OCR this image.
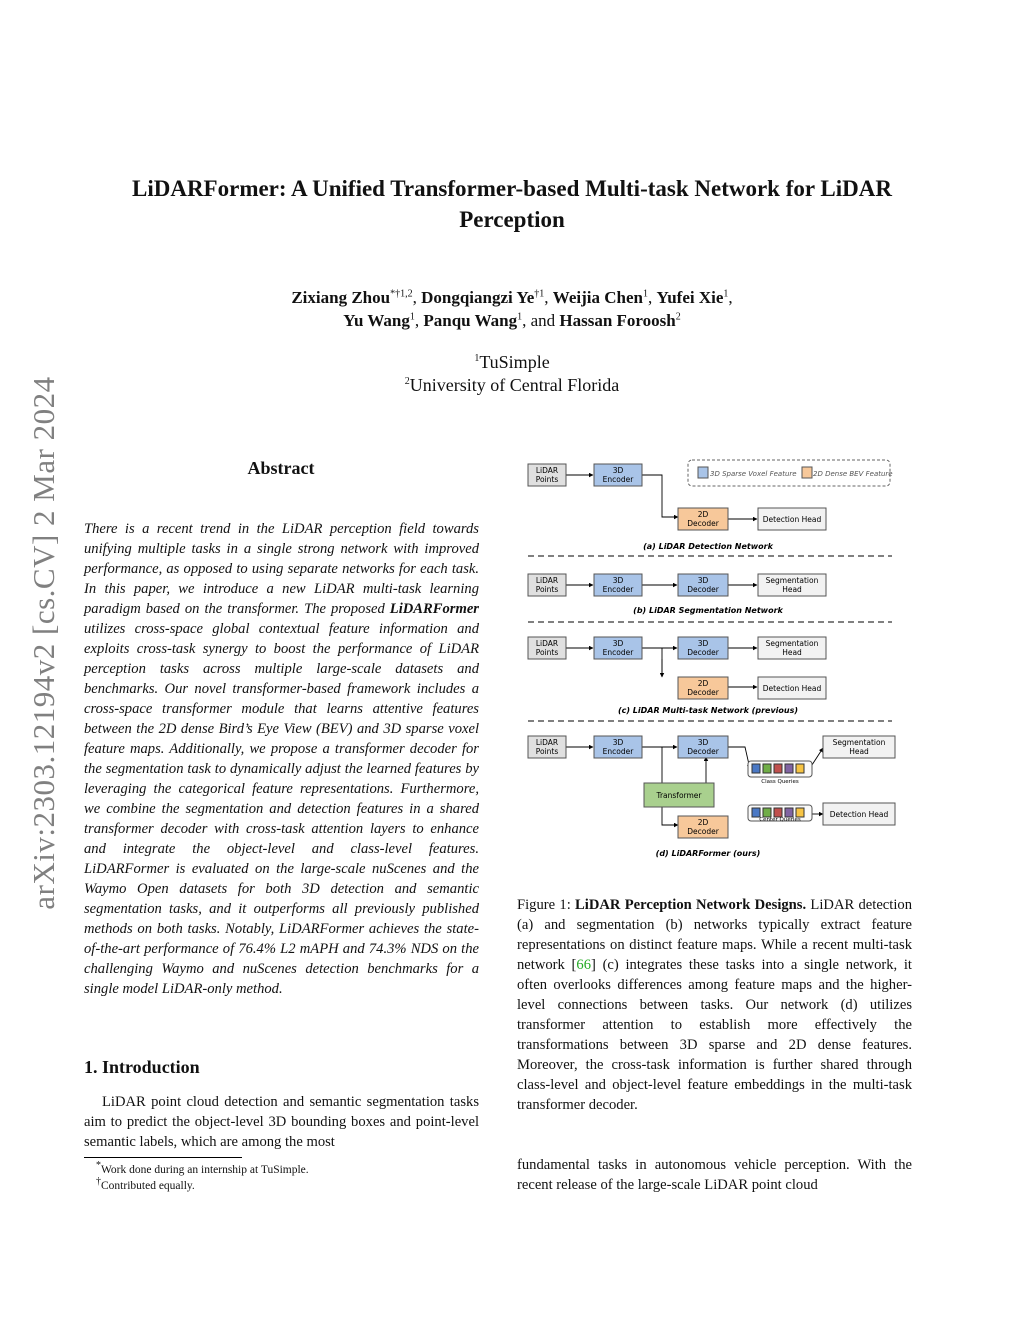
arXiv:2303.12194v2 [cs.CV] 2 Mar 2024
LiDARFormer: A Unified Transformer-based Multi-task Network for LiDAR
Perception
Zixiang Zhou$^{*\dagger 1,2}$, Dongqiangzi Ye$^{\dagger 1}$, Weijia Chen$^1$, Yufei Xie$^1$,
Yu Wang$^1$, Panqu Wang$^1$, and Hassan Foroosh$^2$
$^1$TuSimple
$^2$University of Central Florida
Abstract
There is a recent trend in the LiDAR perception field towards unifying multiple tasks in a single strong network with improved performance, as opposed to using separate networks for each task. In this paper, we introduce a new LiDAR multi-task learning paradigm based on the transformer. The proposed LiDARFormer utilizes cross-space global contextual feature information and exploits cross-task synergy to boost the performance of LiDAR perception tasks across multiple large-scale datasets and benchmarks. Our novel transformer-based framework includes a cross-space transformer module that learns attentive features between the 2D dense Bird’s Eye View (BEV) and 3D sparse voxel feature maps. Additionally, we propose a transformer decoder for the segmentation task to dynamically adjust the learned features by leveraging the categorical feature representations. Furthermore, we combine the segmentation and detection features in a shared transformer decoder with cross-task attention layers to enhance and integrate the object-level and class-level features. LiDARFormer is evaluated on the large-scale nuScenes and the Waymo Open datasets for both 3D detection and semantic segmentation tasks, and it outperforms all previously published methods on both tasks. Notably, LiDARFormer achieves the state-of-the-art performance of 76.4% L2 mAPH and 74.3% NDS on the challenging Waymo and nuScenes detection benchmarks for a single model LiDAR-only method.
1. Introduction
LiDAR point cloud detection and semantic segmentation tasks aim to predict the object-level 3D bounding boxes and point-level semantic labels, which are among the most
*Work done during an internship at TuSimple.
†Contributed equally.
3D Sparse Voxel Feature 2D Dense BEV Feature
LiDAR
Points
3D
Encoder
2D
Decoder	Detection Head
(a) LiDAR Detection Network
LiDAR
Points
3D
Encoder
3D
Decoder
Segmentation
Head
(b) LiDAR Segmentation Network
LiDAR
Points
3D
Encoder
3D
Decoder
Segmentation
Head
2D
Decoder	Detection Head
(c) LiDAR Multi-task Network (previous)
LiDAR
Points
3D
Encoder
3D
Decoder
Segmentation
Head
Transformer
2D
Decoder
Class Queries
Center Queries
Detection Head
(d) LiDARFormer (ours)
Figure 1: LiDAR Perception Network Designs. LiDAR detection (a) and segmentation (b) networks typically extract feature representations on distinct feature maps. While a recent multi-task network [66] (c) integrates these tasks into a single network, it often overlooks differences among feature maps and the higher-level connections between tasks. Our network (d) utilizes transformer attention to establish more effectively the transformations between 3D sparse and 2D dense features. Moreover, the cross-task information is further shared through class-level and object-level feature embeddings in the multi-task transformer decoder.
fundamental tasks in autonomous vehicle perception. With the recent release of the large-scale LiDAR point cloud
